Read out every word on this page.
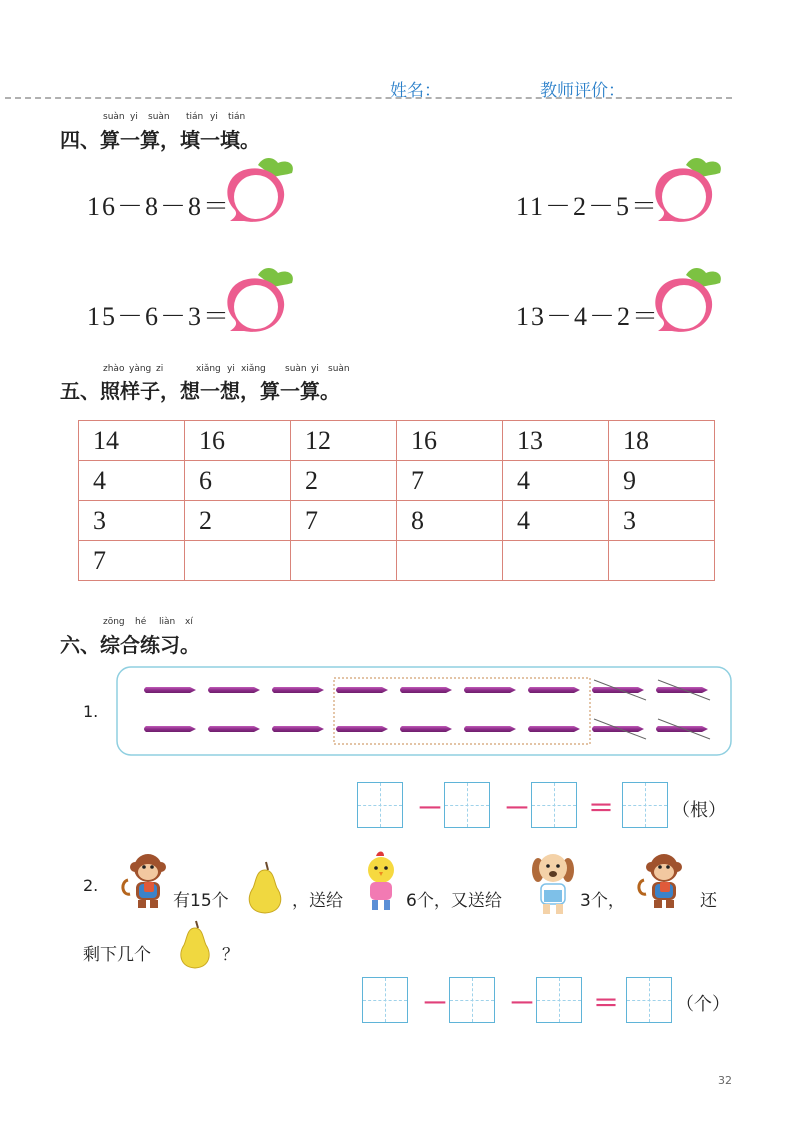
姓名：	教师评价：
suàn yi suàn tián yi tián
四、算一算，填一填。
16－8－8＝	11－2－5＝
15－6－3＝	13－4－2＝
zhào yàng zi	xiǎng yi xiǎng suàn yi suàn
五、照样子，想一想，算一算。
14	16	12	16	13	18
4	6	2	7	4	9
3	2	7	8	4	3
7					
zōng hé liàn xí
六、综合练习。
1.
－ － ＝	（根）
2.
有15个	，送给	6个，又送给	3个，	还
剩下几个	？
－ － ＝	（个）
32
